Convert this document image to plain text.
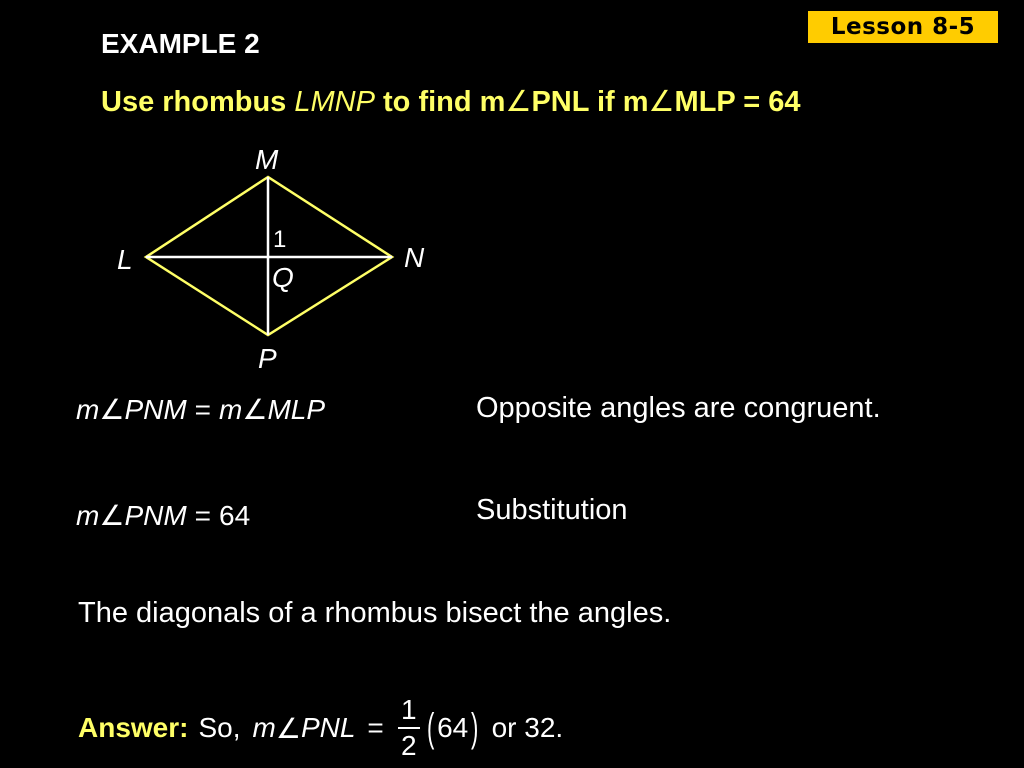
Lesson 8-5
EXAMPLE 2
Use rhombus LMNP to find m∠PNL if m∠MLP = 64
M
L	N
P
Q
1
m∠PNM = m∠MLP	Opposite angles are congruent.
m∠PNM = 64	Substitution
The diagonals of a rhombus bisect the angles.
Answer: So, m ∠ PNL = $\frac{1}{2}$ ( 64 ) or 32.
